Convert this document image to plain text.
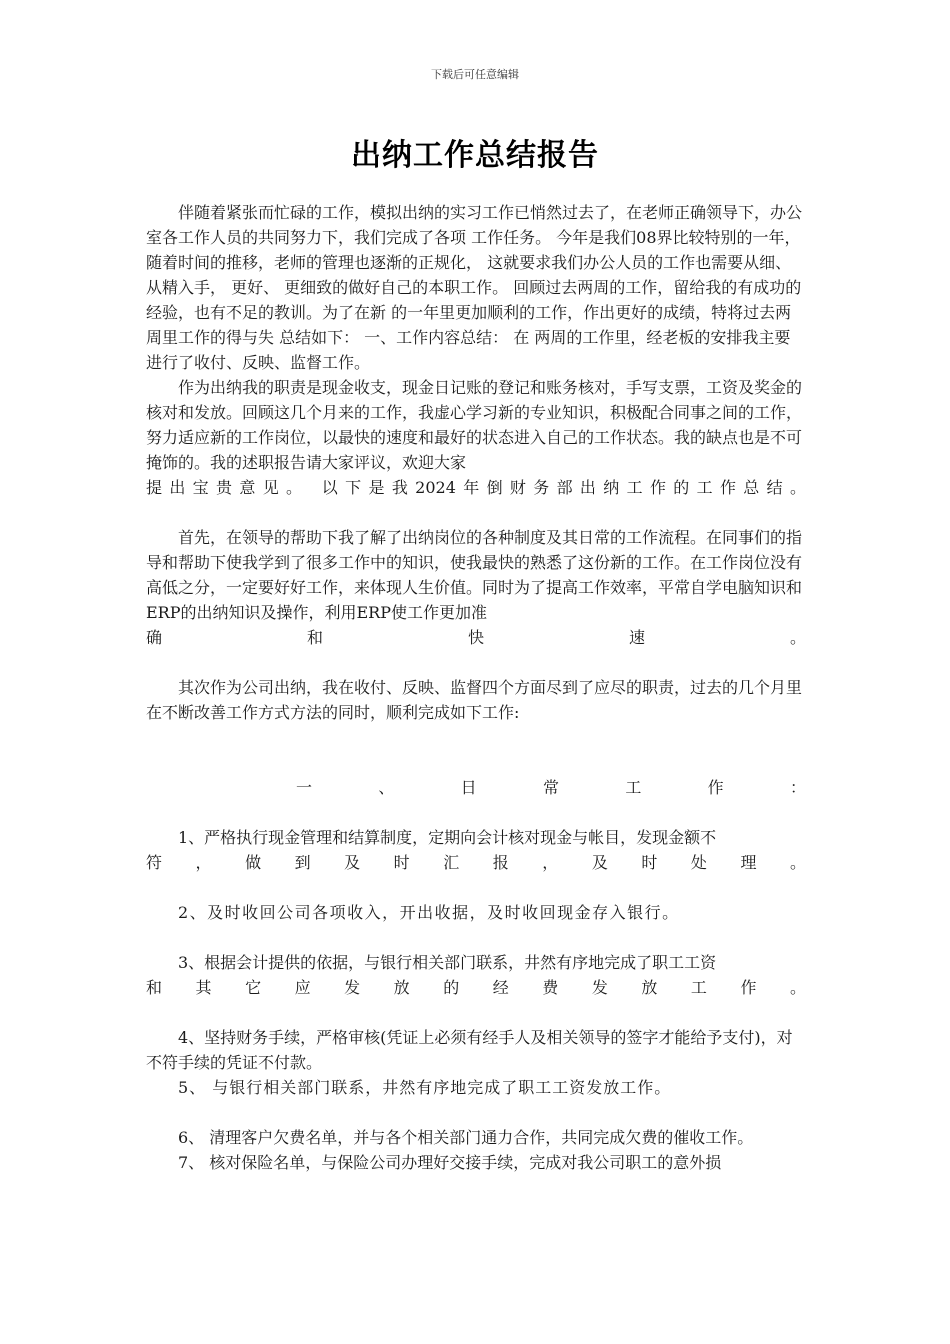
下载后可任意编辑
出纳工作总结报告

伴随着紧张而忙碌的工作，模拟出纳的实习工作已悄然过去了，在老师正确领导下，办公室各工作人员的共同努力下，我们完成了各项 工作任务。 今年是我们08界比较特别的一年，随着时间的推移，老师的管理也逐渐的正规化， 这就要求我们办公人员的工作也需要从细、 从精入手， 更好、 更细致的做好自己的本职工作。 回顾过去两周的工作，留给我的有成功的经验，也有不足的教训。为了在新 的一年里更加顺利的工作，作出更好的成绩，特将过去两周里工作的得与失 总结如下： 一、工作内容总结： 在 两周的工作里，经老板的安排我主要进行了收付、反映、监督工作。

作为出纳我的职责是现金收支，现金日记账的登记和账务核对，手写支票，工资及奖金的核对和发放。回顾这几个月来的工作，我虚心学习新的专业知识，积极配合同事之间的工作，努力适应新的工作岗位，以最快的速度和最好的状态进入自己的工作状态。我的缺点也是不可掩饰的。我的述职报告请大家评议，欢迎大家

提出宝贵意见。 以下是我2024年倒财务部出纳工作的工作总结。

首先，在领导的帮助下我了解了出纳岗位的各种制度及其日常的工作流程。在同事们的指导和帮助下使我学到了很多工作中的知识，使我最快的熟悉了这份新的工作。在工作岗位没有高低之分，一定要好好工作，来体现人生价值。同时为了提高工作效率，平常自学电脑知识和ERP的出纳知识及操作，利用ERP使工作更加准

确和快速。

其次作为公司出纳，我在收付、反映、监督四个方面尽到了应尽的职责，过去的几个月里在不断改善工作方式方法的同时，顺利完成如下工作:

一、日常工作：

1、严格执行现金管理和结算制度，定期向会计核对现金与帐目，发现金额不

符，做到及时汇报，及时处理。

2、及时收回公司各项收入，开出收据，及时收回现金存入银行。

3、根据会计提供的依据，与银行相关部门联系，井然有序地完成了职工工资

和其它应发放的经费发放工作。

4、坚持财务手续，严格审核(凭证上必须有经手人及相关领导的签字才能给予支付)，对不符手续的凭证不付款。

5、 与银行相关部门联系，井然有序地完成了职工工资发放工作。

6、 清理客户欠费名单，并与各个相关部门通力合作，共同完成欠费的催收工作。

7、 核对保险名单，与保险公司办理好交接手续，完成对我公司职工的意外损
